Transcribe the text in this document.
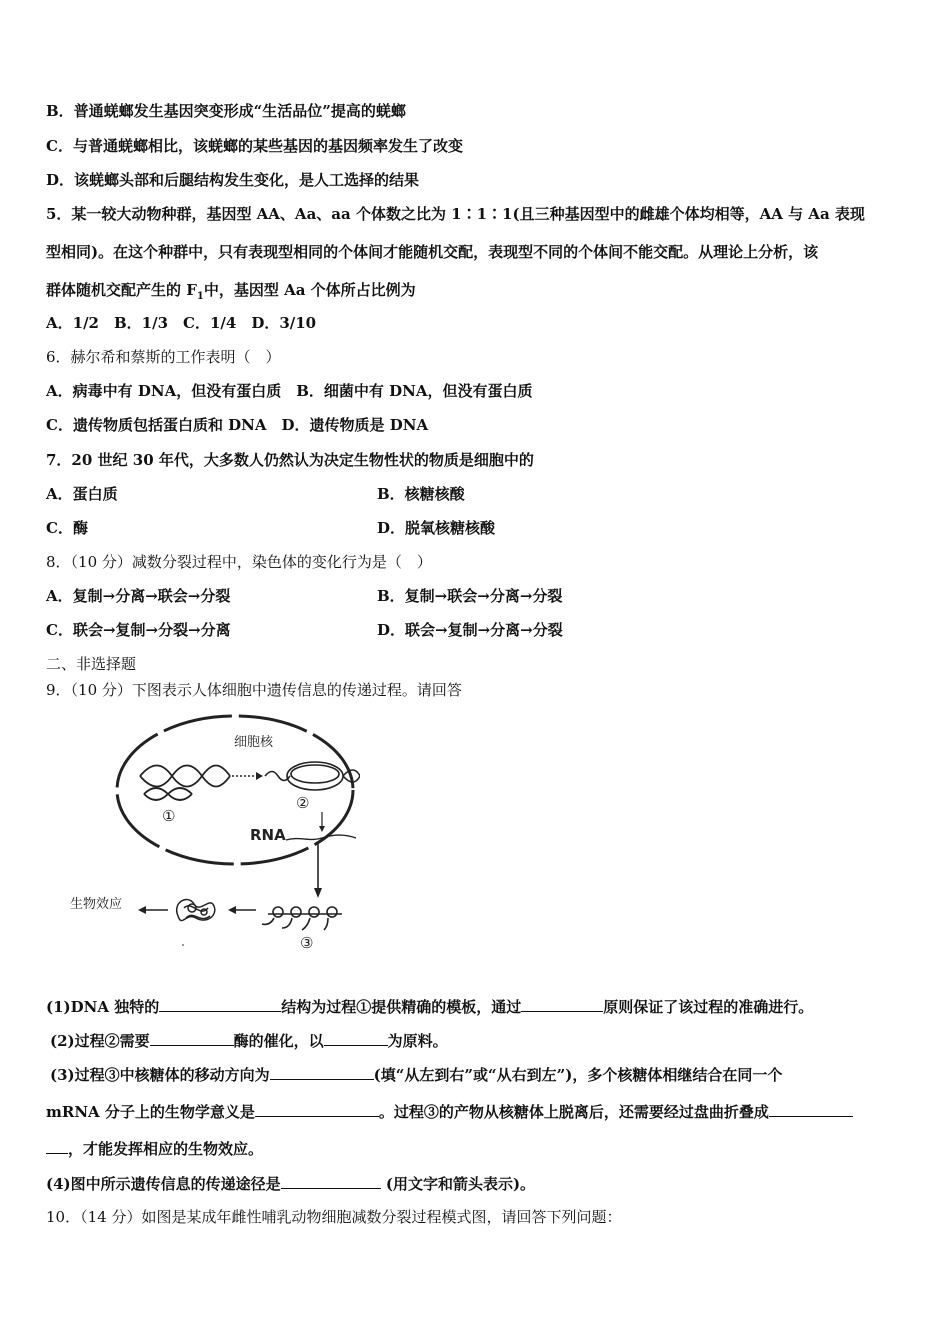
B．普通蜣螂发生基因突变形成“生活品位”提高的蜣螂
C．与普通蜣螂相比，该蜣螂的某些基因的基因频率发生了改变
D．该蜣螂头部和后腿结构发生变化，是人工选择的结果
5．某一较大动物种群，基因型 AA、Aa、aa 个体数之比为 1∶1∶1(且三种基因型中的雌雄个体均相等，AA 与 Aa 表现
型相同)。在这个种群中，只有表现型相同的个体间才能随机交配，表现型不同的个体间不能交配。从理论上分析，该
群体随机交配产生的 $F_1$中，基因型 Aa 个体所占比例为
A．1/2　B．1/3　C．1/4　D．3/10
6．赫尔希和蔡斯的工作表明（　）
A．病毒中有 DNA，但没有蛋白质　B．细菌中有 DNA，但没有蛋白质
C．遗传物质包括蛋白质和 DNA　D．遗传物质是 DNA
7．20 世纪 30 年代，大多数人仍然认为决定生物性状的物质是细胞中的
A．蛋白质	B．核糖核酸
C．酶	D．脱氧核糖核酸
8．（10 分）减数分裂过程中，染色体的变化行为是（　）
A．复制→分离→联会→分裂	B．复制→联会→分离→分裂
C．联会→复制→分裂→分离	D．联会→复制→分离→分裂
二、非选择题
9．（10 分）下图表示人体细胞中遗传信息的传递过程。请回答
细胞核
①
②
RNA
③
生物效应
(1)DNA 独特的	结构为过程①提供精确的模板，通过	原则保证了该过程的准确进行。
(2)过程②需要	酶的催化，以	为原料。
(3)过程③中核糖体的移动方向为	(填“从左到右”或“从右到左”)，多个核糖体相继结合在同一个
mRNA 分子上的生物学意义是	。过程③的产物从核糖体上脱离后，还需要经过盘曲折叠成
，才能发挥相应的生物效应。
(4)图中所示遗传信息的传递途径是	(用文字和箭头表示)。
10．（14 分）如图是某成年雌性哺乳动物细胞减数分裂过程模式图，请回答下列问题：
